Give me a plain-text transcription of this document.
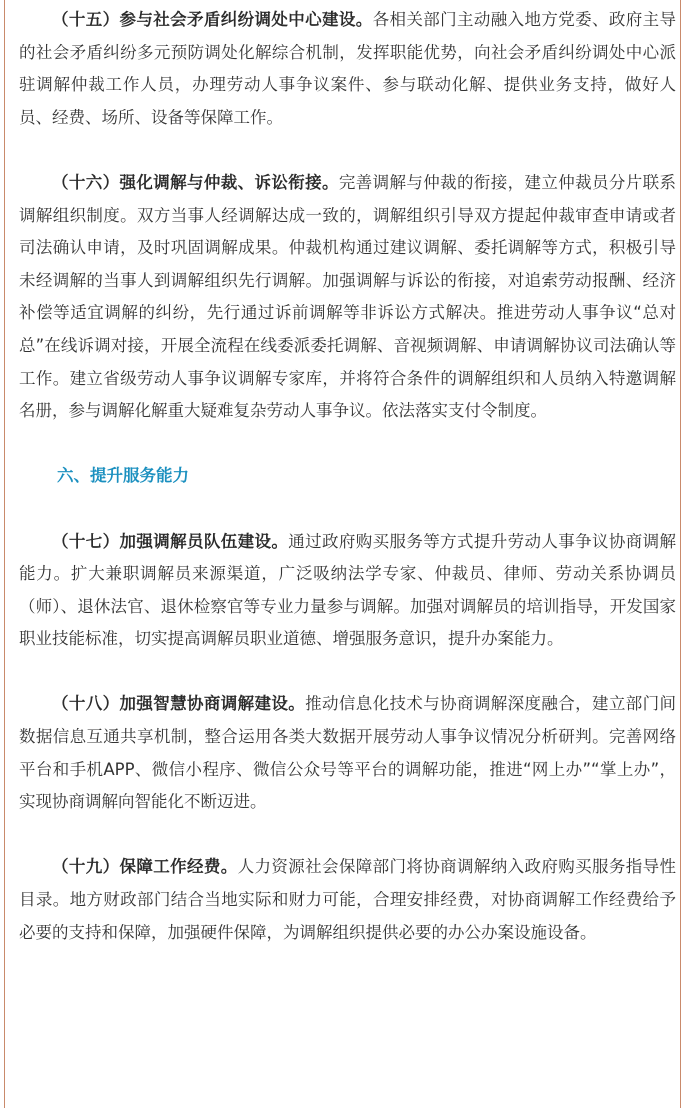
（十五）参与社会矛盾纠纷调处中心建设。各相关部门主动融入地方党委、政府主导的社会矛盾纠纷多元预防调处化解综合机制，发挥职能优势，向社会矛盾纠纷调处中心派驻调解仲裁工作人员，办理劳动人事争议案件、参与联动化解、提供业务支持，做好人员、经费、场所、设备等保障工作。

（十六）强化调解与仲裁、诉讼衔接。完善调解与仲裁的衔接，建立仲裁员分片联系调解组织制度。双方当事人经调解达成一致的，调解组织引导双方提起仲裁审查申请或者司法确认申请，及时巩固调解成果。仲裁机构通过建议调解、委托调解等方式，积极引导未经调解的当事人到调解组织先行调解。加强调解与诉讼的衔接，对追索劳动报酬、经济补偿等适宜调解的纠纷，先行通过诉前调解等非诉讼方式解决。推进劳动人事争议“总对总”在线诉调对接，开展全流程在线委派委托调解、音视频调解、申请调解协议司法确认等工作。建立省级劳动人事争议调解专家库，并将符合条件的调解组织和人员纳入特邀调解名册，参与调解化解重大疑难复杂劳动人事争议。依法落实支付令制度。

六、提升服务能力

（十七）加强调解员队伍建设。通过政府购买服务等方式提升劳动人事争议协商调解能力。扩大兼职调解员来源渠道，广泛吸纳法学专家、仲裁员、律师、劳动关系协调员（师）、退休法官、退休检察官等专业力量参与调解。加强对调解员的培训指导，开发国家职业技能标准，切实提高调解员职业道德、增强服务意识，提升办案能力。

（十八）加强智慧协商调解建设。推动信息化技术与协商调解深度融合，建立部门间数据信息互通共享机制，整合运用各类大数据开展劳动人事争议情况分析研判。完善网络平台和手机APP、微信小程序、微信公众号等平台的调解功能，推进“网上办”“掌上办”，实现协商调解向智能化不断迈进。

（十九）保障工作经费。人力资源社会保障部门将协商调解纳入政府购买服务指导性目录。地方财政部门结合当地实际和财力可能，合理安排经费，对协商调解工作经费给予必要的支持和保障，加强硬件保障，为调解组织提供必要的办公办案设施设备。
